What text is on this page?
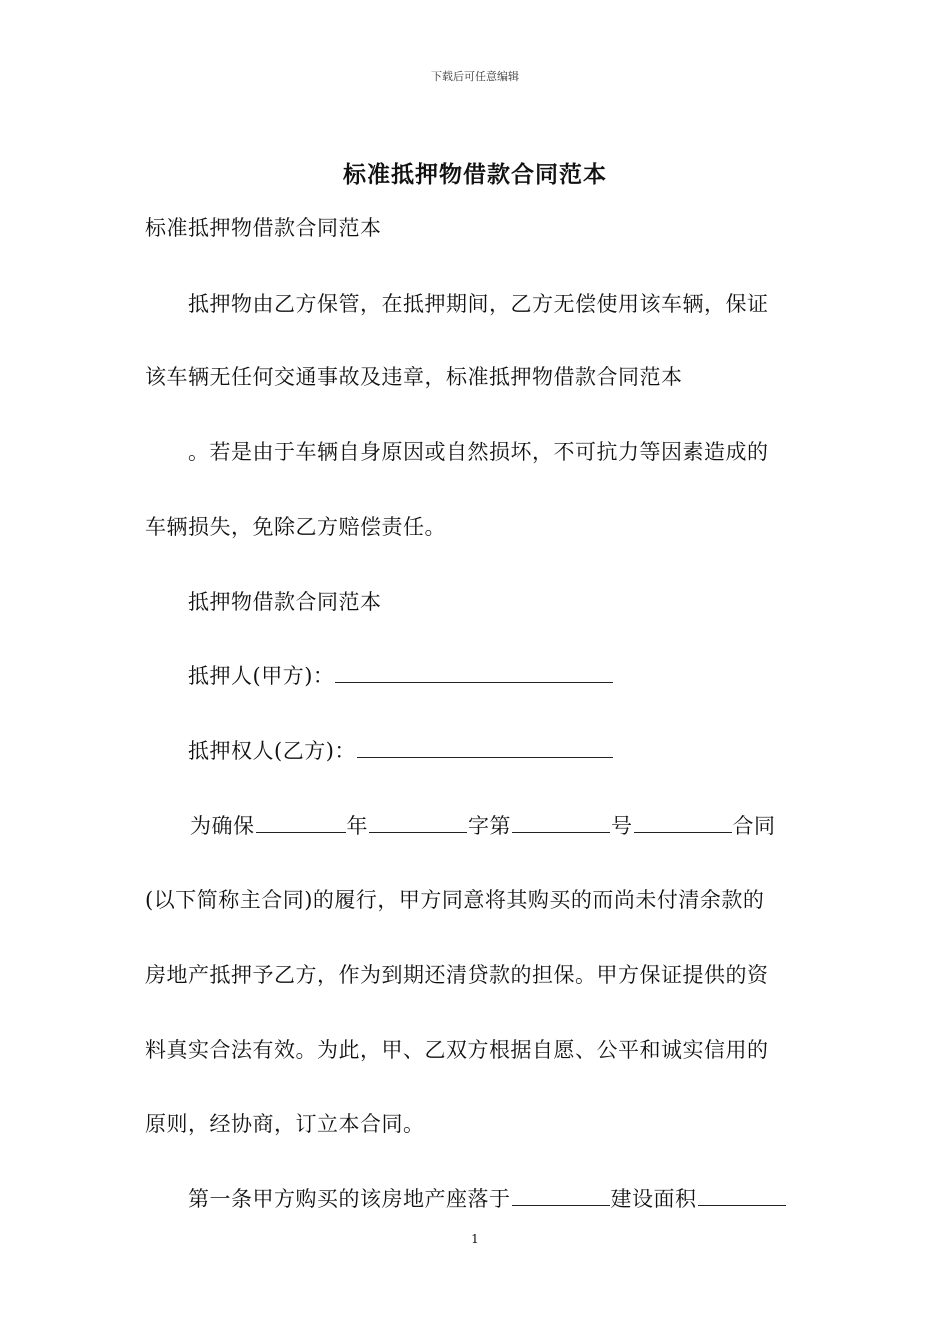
下载后可任意编辑
标准抵押物借款合同范本
标准抵押物借款合同范本
抵押物由乙方保管，在抵押期间，乙方无偿使用该车辆，保证
该车辆无任何交通事故及违章，标准抵押物借款合同范本
。若是由于车辆自身原因或自然损坏，不可抗力等因素造成的
车辆损失，免除乙方赔偿责任。
抵押物借款合同范本
抵押人(甲方)：
抵押权人(乙方)：
为确保	年	字第	号	合同
(以下简称主合同)的履行，甲方同意将其购买的而尚未付清余款的
房地产抵押予乙方，作为到期还清贷款的担保。甲方保证提供的资
料真实合法有效。为此，甲、乙双方根据自愿、公平和诚实信用的
原则，经协商，订立本合同。
第一条甲方购买的该房地产座落于	建设面积
1
